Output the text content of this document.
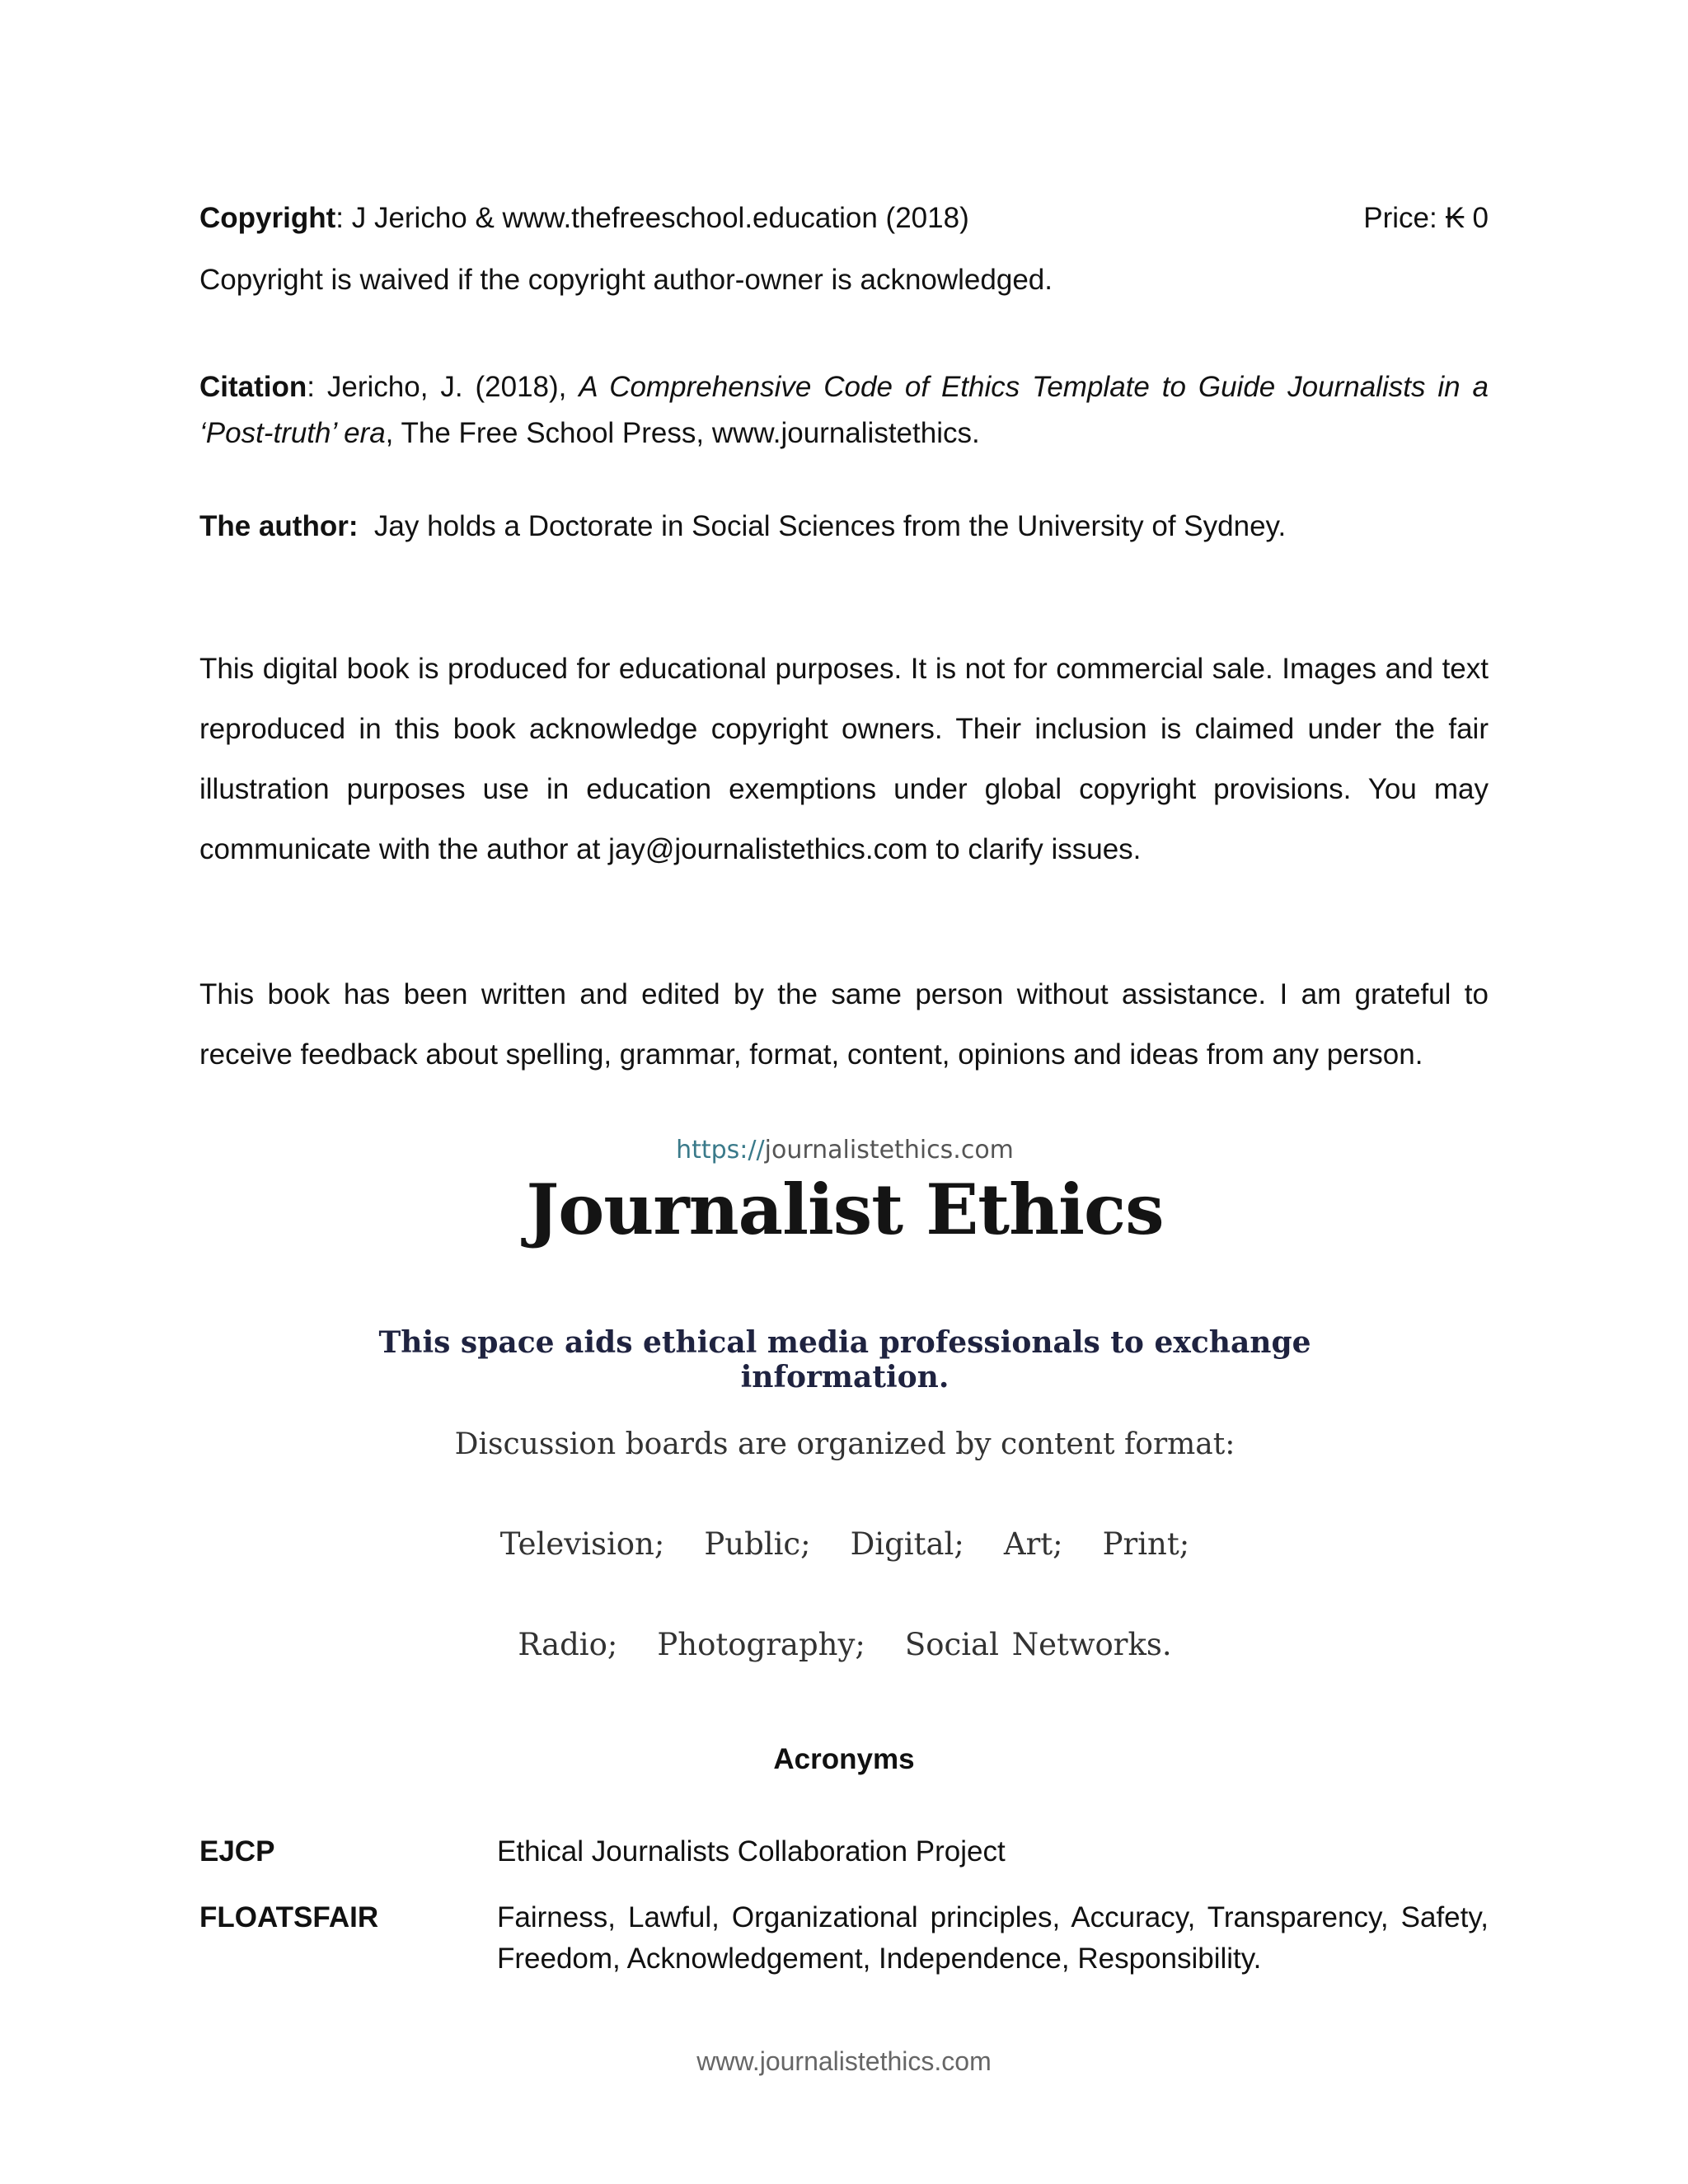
Copyright: J Jericho & www.thefreeschool.education (2018)	Price: ₭ 0
Copyright is waived if the copyright author-owner is acknowledged.
Citation: Jericho, J. (2018), A Comprehensive Code of Ethics Template to Guide Journalists in a ‘Post-truth’ era, The Free School Press, www.journalistethics.
The author:  Jay holds a Doctorate in Social Sciences from the University of Sydney.
This digital book is produced for educational purposes. It is not for commercial sale. Images and text reproduced in this book acknowledge copyright owners. Their inclusion is claimed under the fair illustration purposes use in education exemptions under global copyright provisions. You may communicate with the author at jay@journalistethics.com to clarify issues.
This book has been written and edited by the same person without assistance. I am grateful to receive feedback about spelling, grammar, format, content, opinions and ideas from any person.
https://journalistethics.com
Journalist Ethics
This space aids ethical media professionals to exchange information.
Discussion boards are organized by content format:
Television; Public; Digital; Art; Print;
Radio; Photography; Social Networks.
Acronyms
EJCP	Ethical Journalists Collaboration Project
FLOATSFAIR	Fairness, Lawful, Organizational principles, Accuracy, Transparency, Safety, Freedom, Acknowledgement, Independence, Responsibility.
www.journalistethics.com
